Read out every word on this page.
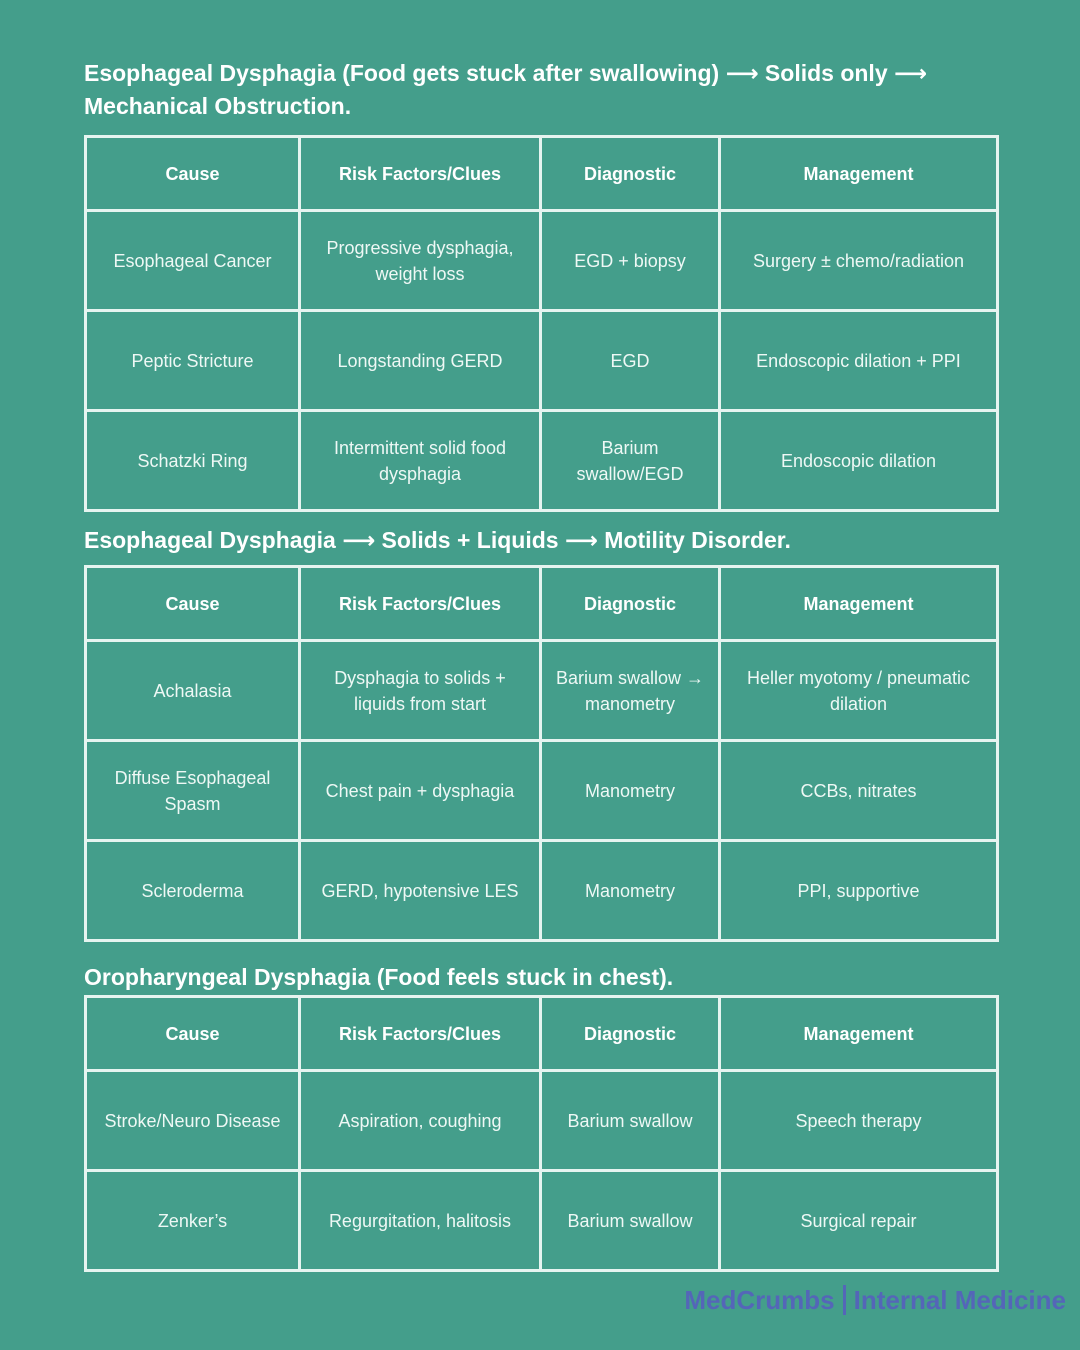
Esophageal Dysphagia (Food gets stuck after swallowing) ⟶ Solids only ⟶ Mechanical Obstruction.
Cause	Risk Factors/Clues	Diagnostic	Management
Esophageal Cancer	Progressive dysphagia, weight loss	EGD + biopsy	Surgery ± chemo/radiation
Peptic Stricture	Longstanding GERD	EGD	Endoscopic dilation + PPI
Schatzki Ring	Intermittent solid food dysphagia	Barium swallow/EGD	Endoscopic dilation
Esophageal Dysphagia ⟶ Solids + Liquids ⟶ Motility Disorder.
Cause	Risk Factors/Clues	Diagnostic	Management
Achalasia	Dysphagia to solids + liquids from start	Barium swallow → manometry	Heller myotomy / pneumatic dilation
Diffuse Esophageal Spasm	Chest pain + dysphagia	Manometry	CCBs, nitrates
Scleroderma	GERD, hypotensive LES	Manometry	PPI, supportive
Oropharyngeal Dysphagia (Food feels stuck in chest).
Cause	Risk Factors/Clues	Diagnostic	Management
Stroke/Neuro Disease	Aspiration, coughing	Barium swallow	Speech therapy
Zenker’s	Regurgitation, halitosis	Barium swallow	Surgical repair
MedCrumbs Internal Medicine
